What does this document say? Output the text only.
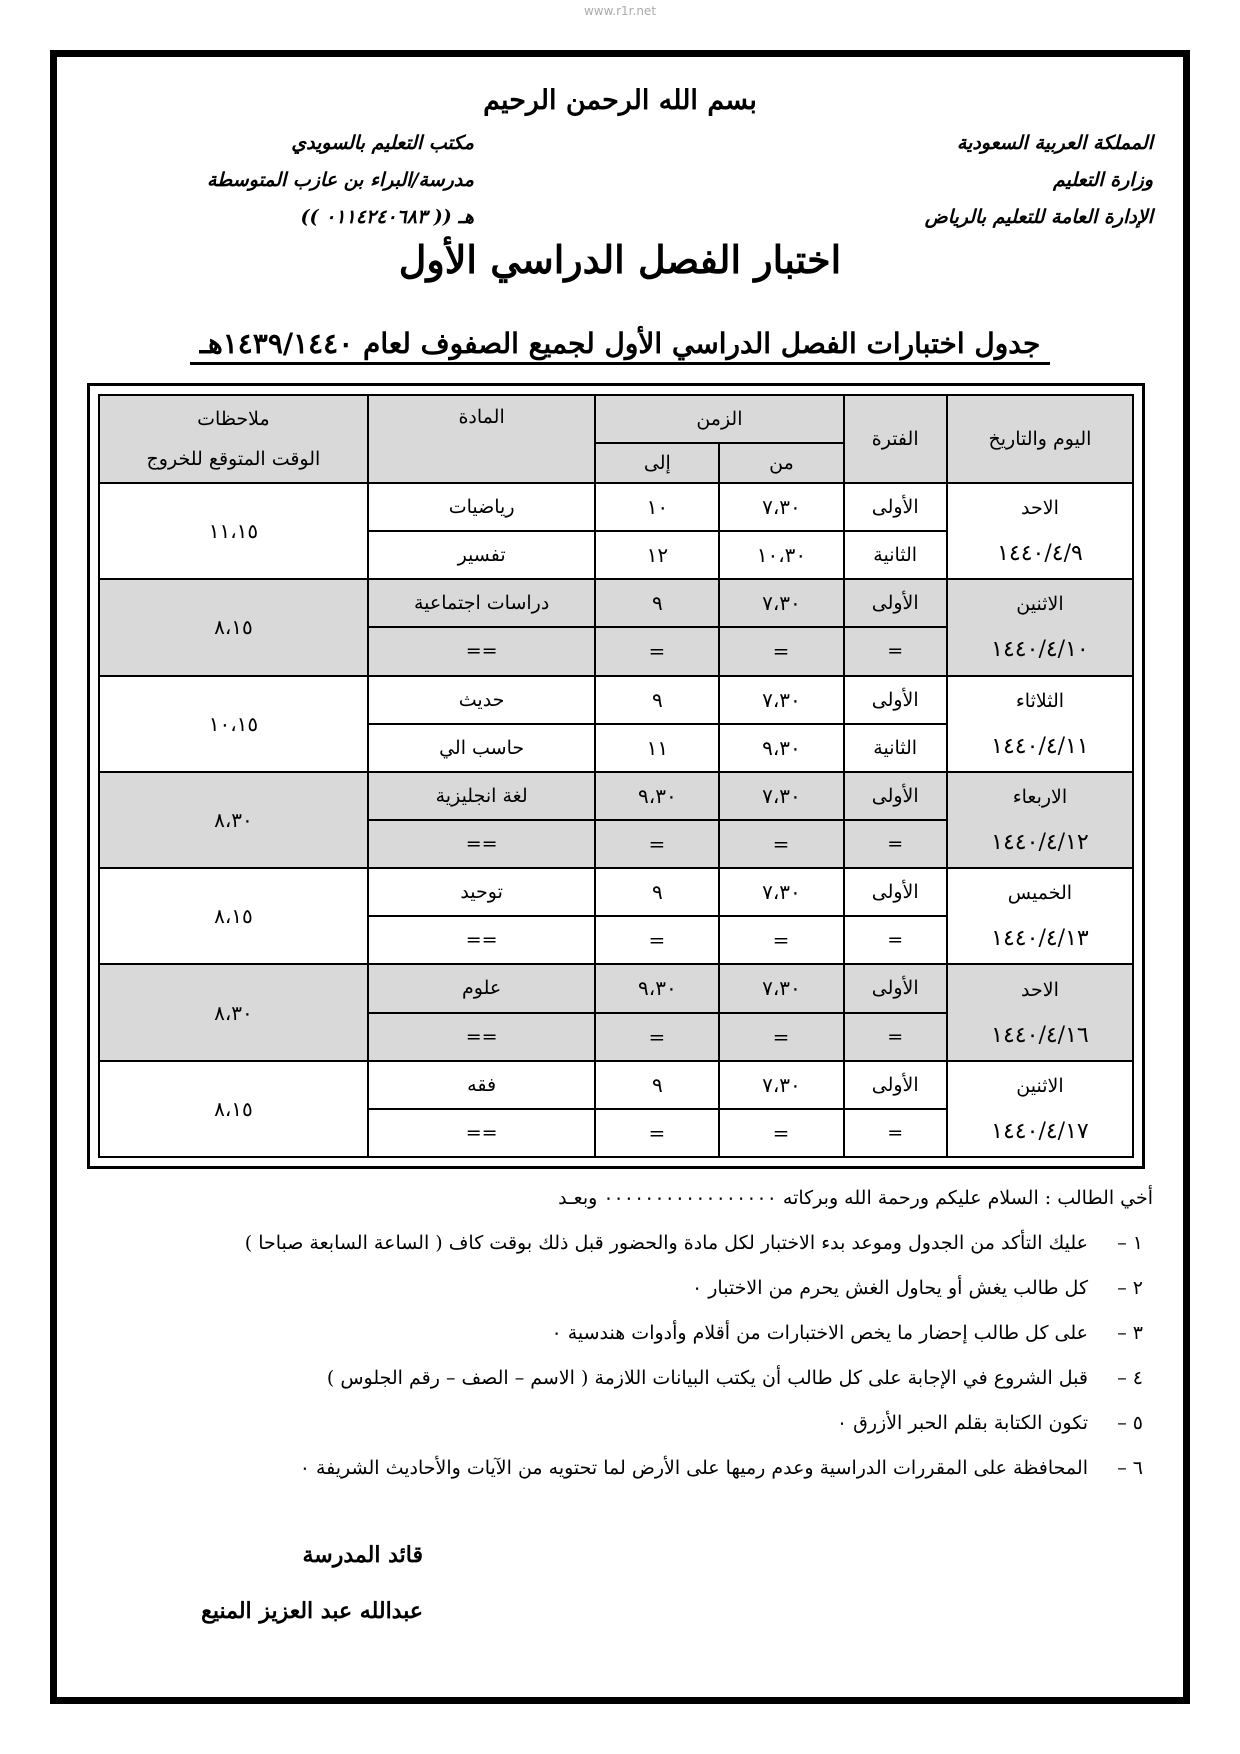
www.r1r.net
بسم الله الرحمن الرحيم
المملكة العربية السعودية
وزارة التعليم
الإدارة العامة للتعليم بالرياض
مكتب التعليم بالسويدي
مدرسة/البراء بن عازب المتوسطة
هـ (( ٠١١٤٢٤٠٦٨٣ ))
اختبار الفصل الدراسي الأول
جدول اختبارات الفصل الدراسي الأول لجميع الصفوف لعام ١٤٣٩/١٤٤٠هـ
اليوم والتاريخ	الفترة	الزمن		المادة	ملاحظات
الوقت المتوقع للخروج

		من	إلى		

الاحد
١٤٤٠/٤/٩	الأولى	٧،٣٠	١٠	رياضيات	١١،١٥
	الثانية	١٠،٣٠	١٢	تفسير	

الاثنين
١٤٤٠/٤/١٠	الأولى	٧،٣٠	٩	دراسات اجتماعية	٨،١٥
	=	=	=	==	

الثلاثاء
١٤٤٠/٤/١١	الأولى	٧،٣٠	٩	حديث	١٠،١٥
	الثانية	٩،٣٠	١١	حاسب الي	

الاربعاء
١٤٤٠/٤/١٢	الأولى	٧،٣٠	٩،٣٠	لغة انجليزية	٨،٣٠
	=	=	=	==	

الخميس
١٤٤٠/٤/١٣	الأولى	٧،٣٠	٩	توحيد	٨،١٥
	=	=	=	==	

الاحد
١٤٤٠/٤/١٦	الأولى	٧،٣٠	٩،٣٠	علوم	٨،٣٠
	=	=	=	==	

الاثنين
١٤٤٠/٤/١٧	الأولى	٧،٣٠	٩	فقه	٨،١٥
	=	=	=	==	
أخي الطالب : السلام عليكم ورحمة الله وبركاته ٠٠٠٠٠٠٠٠٠٠٠٠٠٠٠٠٠ وبعـد
١ –عليك التأكد من الجدول وموعد بدء الاختبار لكل مادة والحضور قبل ذلك بوقت كاف ( الساعة السابعة صباحا )
٢ –كل طالب يغش أو يحاول الغش يحرم من الاختبار ٠
٣ –على كل طالب إحضار ما يخص الاختبارات من أقلام وأدوات هندسية ٠
٤ –قبل الشروع في الإجابة على كل طالب أن يكتب البيانات اللازمة ( الاسم – الصف – رقم الجلوس )
٥ –تكون الكتابة بقلم الحبر الأزرق ٠
٦ –المحافظة على المقررات الدراسية وعدم رميها على الأرض لما تحتويه من الآيات والأحاديث الشريفة ٠
قائد المدرسة
عبدالله عبد العزيز المنيع
